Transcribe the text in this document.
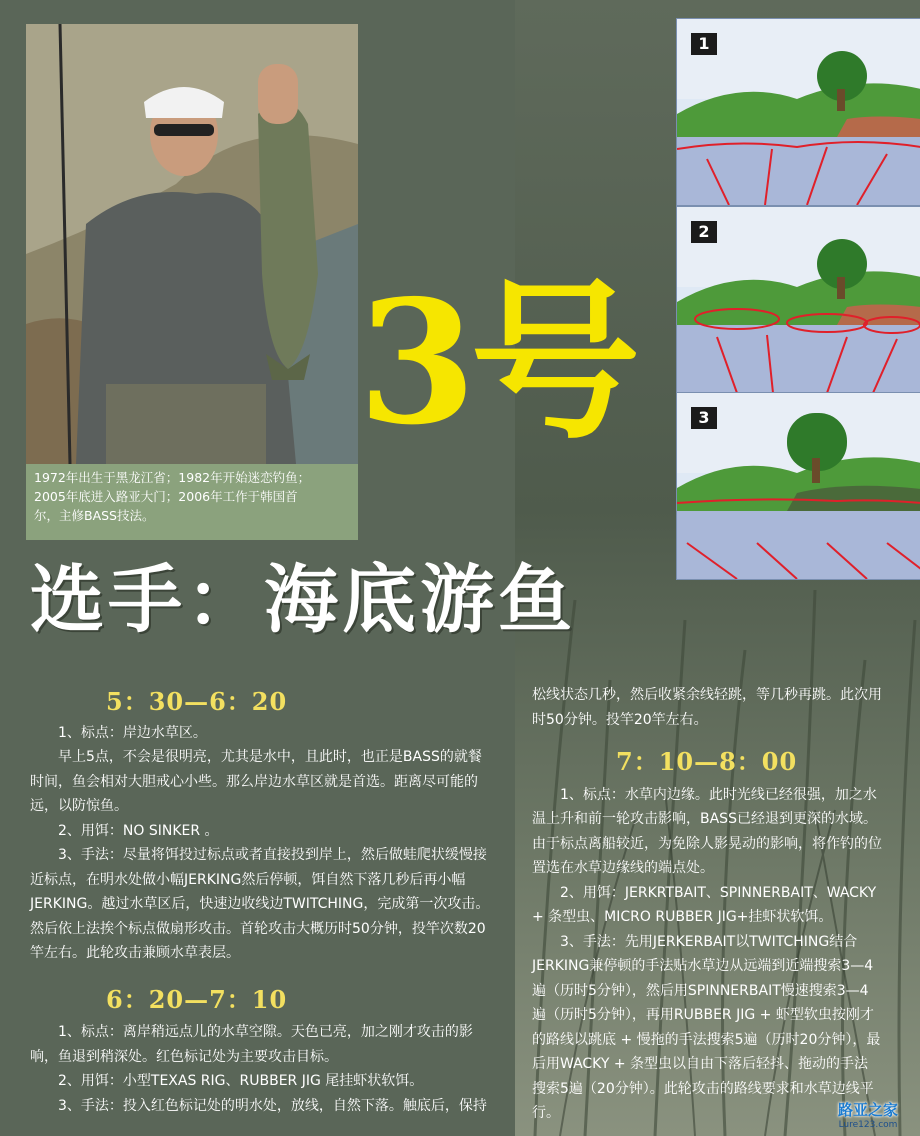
1972年出生于黑龙江省；1982年开始迷恋钓鱼；
2005年底进入路亚大门；2006年工作于韩国首
尔，主修BASS技法。
3号
选手：海底游鱼
1
2
3

5：30—6：20

1、标点：岸边水草区。

早上5点，不会是很明亮，尤其是水中，且此时，也正是BASS的就餐时间，鱼会相对大胆戒心小些。那么岸边水草区就是首选。距离尽可能的远，以防惊鱼。

2、用饵：NO SINKER 。

3、手法：尽量将饵投过标点或者直接投到岸上，然后做蛙爬状缓慢接近标点，在明水处做小幅JERKING然后停顿，饵自然下落几秒后再小幅JERKING。越过水草区后，快速边收线边TWITCHING，完成第一次攻击。然后依上法挨个标点做扇形攻击。首轮攻击大概历时50分钟，投竿次数20竿左右。此轮攻击兼顾水草表层。

6：20—7：10

1、标点：离岸稍远点儿的水草空隙。天色已亮，加之刚才攻击的影响，鱼退到稍深处。红色标记处为主要攻击目标。

2、用饵：小型TEXAS RIG、RUBBER JIG 尾挂虾状软饵。

3、手法：投入红色标记处的明水处，放线，自然下落。触底后，保持

松线状态几秒，然后收紧余线轻跳，等几秒再跳。此次用时50分钟。投竿20竿左右。

7：10—8：00

1、标点：水草内边缘。此时光线已经很强，加之水温上升和前一轮攻击影响，BASS已经退到更深的水域。由于标点离船较近，为免除人影晃动的影响，将作钓的位置选在水草边缘线的端点处。

2、用饵：JERKRTBAIT、SPINNERBAIT、WACKY + 条型虫、MICRO RUBBER JIG+挂虾状软饵。

3、手法：先用JERKERBAIT以TWITCHING结合JERKING兼停顿的手法贴水草边从远端到近端搜索3—4遍（历时5分钟），然后用SPINNERBAIT慢速搜索3—4遍（历时5分钟），再用RUBBER JIG + 虾型软虫按刚才的路线以跳底 + 慢拖的手法搜索5遍（历时20分钟），最后用WACKY + 条型虫以自由下落后轻抖、拖动的手法搜索5遍（20分钟）。此轮攻击的路线要求和水草边线平行。	路亚之家
Lure123.com
